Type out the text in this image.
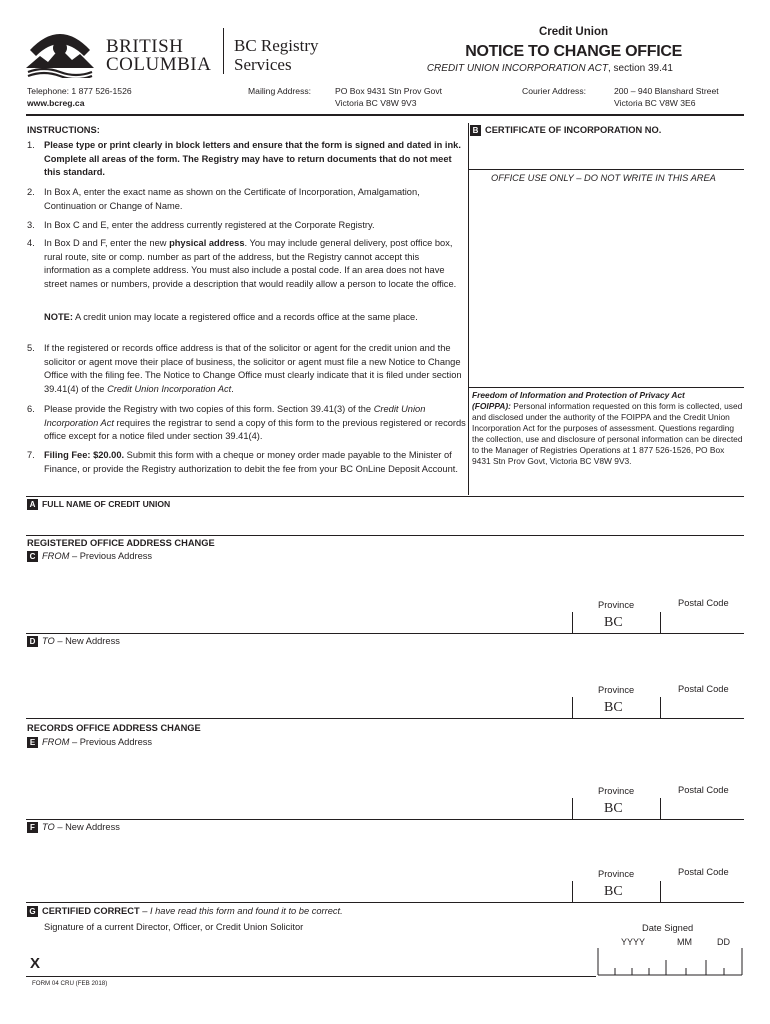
BRITISH
COLUMBIA
BC Registry
Services
Credit Union
NOTICE TO CHANGE OFFICE
CREDIT UNION INCORPORATION ACT, section 39.41
Telephone: 1 877 526-1526
www.bcreg.ca
Mailing Address:	PO Box 9431 Stn Prov Govt
Victoria BC V8W 9V3
Courier Address:	200 – 940 Blanshard Street
Victoria BC V8W 3E6
INSTRUCTIONS:
1. Please type or print clearly in block letters and ensure that the form is signed and dated in ink. Complete all areas of the form. The Registry may have to return documents that do not meet this standard.
2. In Box A, enter the exact name as shown on the Certificate of Incorporation, Amalgamation, Continuation or Change of Name.
3. In Box C and E, enter the address currently registered at the Corporate Registry.
4. In Box D and F, enter the new physical address. You may include general delivery, post office box, rural route, site or comp. number as part of the address, but the Registry cannot accept this information as a complete address. You must also include a postal code. If an area does not have street names or numbers, provide a description that would readily allow a person to locate the office.
NOTE: A credit union may locate a registered office and a records office at the same place.
5. If the registered or records office address is that of the solicitor or agent for the credit union and the solicitor or agent move their place of business, the solicitor or agent must file a new Notice to Change Office with the filing fee. The Notice to Change Office must clearly indicate that it is filed under section 39.41(4) of the Credit Union Incorporation Act.
6. Please provide the Registry with two copies of this form. Section 39.41(3) of the Credit Union Incorporation Act requires the registrar to send a copy of this form to the previous registered or records office except for a notice filed under section 39.41(4).
7. Filing Fee: $20.00. Submit this form with a cheque or money order made payable to the Minister of Finance, or provide the Registry authorization to debit the fee from your BC OnLine Deposit Account.
B CERTIFICATE OF INCORPORATION NO.
OFFICE USE ONLY – DO NOT WRITE IN THIS AREA
Freedom of Information and Protection of Privacy Act
(FOIPPA): Personal information requested on this form is collected, used and disclosed under the authority of the FOIPPA and the Credit Union Incorporation Act for the purposes of assessment. Questions regarding the collection, use and disclosure of personal information can be directed to the Manager of Registries Operations at 1 877 526-1526, PO Box 9431 Stn Prov Govt, Victoria BC V8W 9V3.
A FULL NAME OF CREDIT UNION
REGISTERED OFFICE ADDRESS CHANGE
C FROM – Previous Address
Province	Postal Code
BC
D TO – New Address
Province	Postal Code
BC
RECORDS OFFICE ADDRESS CHANGE
E FROM – Previous Address
Province	Postal Code
BC
F TO – New Address
Province	Postal Code
BC
G CERTIFIED CORRECT – I have read this form and found it to be correct.
Signature of a current Director, Officer, or Credit Union Solicitor
X
Date Signed
YYYY	MM	DD
FORM 04 CRU (FEB 2018)
